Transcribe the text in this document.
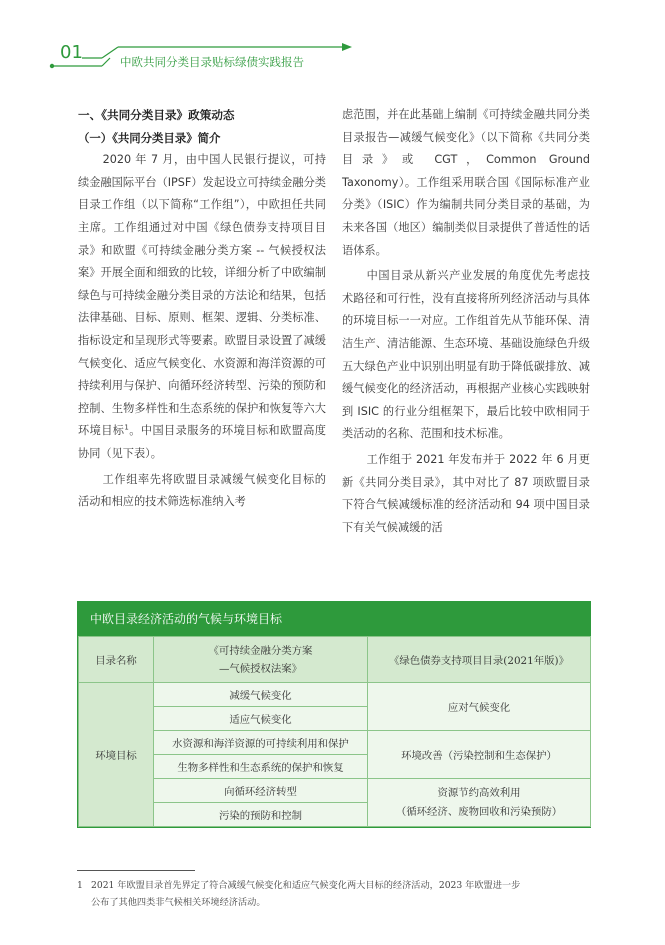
01	中欧共同分类目录贴标绿债实践报告

一、《共同分类目录》政策动态

（一）《共同分类目录》简介

2020 年 7 月，由中国人民银行提议，可持续金融国际平台（IPSF）发起设立可持续金融分类目录工作组（以下简称“工作组”），中欧担任共同主席。工作组通过对中国《绿色债券支持项目目录》和欧盟《可持续金融分类方案 -- 气候授权法案》开展全面和细致的比较，详细分析了中欧编制绿色与可持续金融分类目录的方法论和结果，包括法律基础、目标、原则、框架、逻辑、分类标准、指标设定和呈现形式等要素。欧盟目录设置了减缓气候变化、适应气候变化、水资源和海洋资源的可持续利用与保护、向循环经济转型、污染的预防和控制、生物多样性和生态系统的保护和恢复等六大环境目标$^1$。中国目录服务的环境目标和欧盟高度协同（见下表）。

工作组率先将欧盟目录减缓气候变化目标的活动和相应的技术筛选标准纳入考

虑范围，并在此基础上编制《可持续金融共同分类目录报告—减缓气候变化》（以下简称《共同分类目录》或 CGT，Common Ground Taxonomy）。工作组采用联合国《国际标准产业分类》（ISIC）作为编制共同分类目录的基础，为未来各国（地区）编制类似目录提供了普适性的话语体系。

中国目录从新兴产业发展的角度优先考虑技术路径和可行性，没有直接将所列经济活动与具体的环境目标一一对应。工作组首先从节能环保、清洁生产、清洁能源、生态环境、基础设施绿色升级五大绿色产业中识别出明显有助于降低碳排放、减缓气候变化的经济活动，再根据产业核心实践映射到 ISIC 的行业分组框架下，最后比较中欧相同于类活动的名称、范围和技术标准。

工作组于 2021 年发布并于 2022 年 6 月更新《共同分类目录》，其中对比了 87 项欧盟目录下符合气候减缓标准的经济活动和 94 项中国目录下有关气候减缓的活

中欧目录经济活动的气候与环境目标
目录名称	《可持续金融分类方案
—气候授权法案》	《绿色债券支持项目目录(2021年版)》
环境目标	减缓气候变化	应对气候变化
	适应气候变化	
	水资源和海洋资源的可持续利用和保护	环境改善（污染控制和生态保护）
	生物多样性和生态系统的保护和恢复	
	向循环经济转型	资源节约高效利用
（循环经济、废物回收和污染预防）

	污染的预防和控制	
1 2021 年欧盟目录首先界定了符合减缓气候变化和适应气候变化两大目标的经济活动，2023 年欧盟进一步
公布了其他四类非气候相关环境经济活动。
